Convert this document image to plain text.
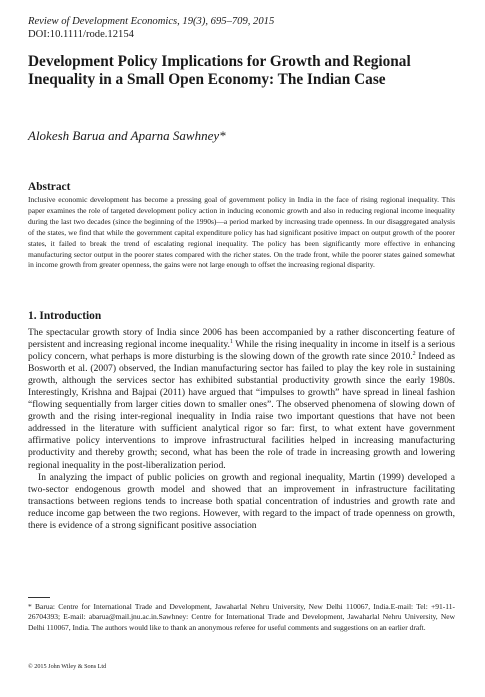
Review of Development Economics, 19(3), 695–709, 2015
DOI:10.1111/rode.12154
Development Policy Implications for Growth and Regional Inequality in a Small Open Economy: The Indian Case
Alokesh Barua and Aparna Sawhney*
Abstract

Inclusive economic development has become a pressing goal of government policy in India in the face of rising regional inequality. This paper examines the role of targeted development policy action in inducing economic growth and also in reducing regional income inequality during the last two decades (since the beginning of the 1990s)—a period marked by increasing trade openness. In our disaggregated analysis of the states, we find that while the government capital expenditure policy has had significant positive impact on output growth of the poorer states, it failed to break the trend of escalating regional inequality. The policy has been significantly more effective in enhancing manufacturing sector output in the poorer states compared with the richer states. On the trade front, while the poorer states gained somewhat in income growth from greater openness, the gains were not large enough to offset the increasing regional disparity.

1. Introduction

The spectacular growth story of India since 2006 has been accompanied by a rather disconcerting feature of persistent and increasing regional income inequality.$^1$ While the rising inequality in income in itself is a serious policy concern, what perhaps is more disturbing is the slowing down of the growth rate since 2010.$^2$ Indeed as Bosworth et al. (2007) observed, the Indian manufacturing sector has failed to play the key role in sustaining growth, although the services sector has exhibited substantial productivity growth since the early 1980s. Interestingly, Krishna and Bajpai (2011) have argued that “impulses to growth” have spread in lineal fashion “flowing sequentially from larger cities down to smaller ones”. The observed phenomena of slowing down of growth and the rising inter-regional inequality in India raise two important questions that have not been addressed in the literature with sufficient analytical rigor so far: first, to what extent have government affirmative policy interventions to improve infrastructural facilities helped in increasing manufacturing productivity and thereby growth; second, what has been the role of trade in increasing growth and lowering regional inequality in the post-liberalization period.

In analyzing the impact of public policies on growth and regional inequality, Martin (1999) developed a two-sector endogenous growth model and showed that an improvement in infrastructure facilitating transactions between regions tends to increase both spatial concentration of industries and growth rate and reduce income gap between the two regions. However, with regard to the impact of trade openness on growth, there is evidence of a strong significant positive association

* Barua: Centre for International Trade and Development, Jawaharlal Nehru University, New Delhi 110067, India.E-mail: Tel: +91-11-26704393; E-mail: abarua@mail.jnu.ac.in.Sawhney: Centre for International Trade and Development, Jawaharlal Nehru University, New Delhi 110067, India. The authors would like to thank an anonymous referee for useful comments and suggestions on an earlier draft.

© 2015 John Wiley & Sons Ltd
